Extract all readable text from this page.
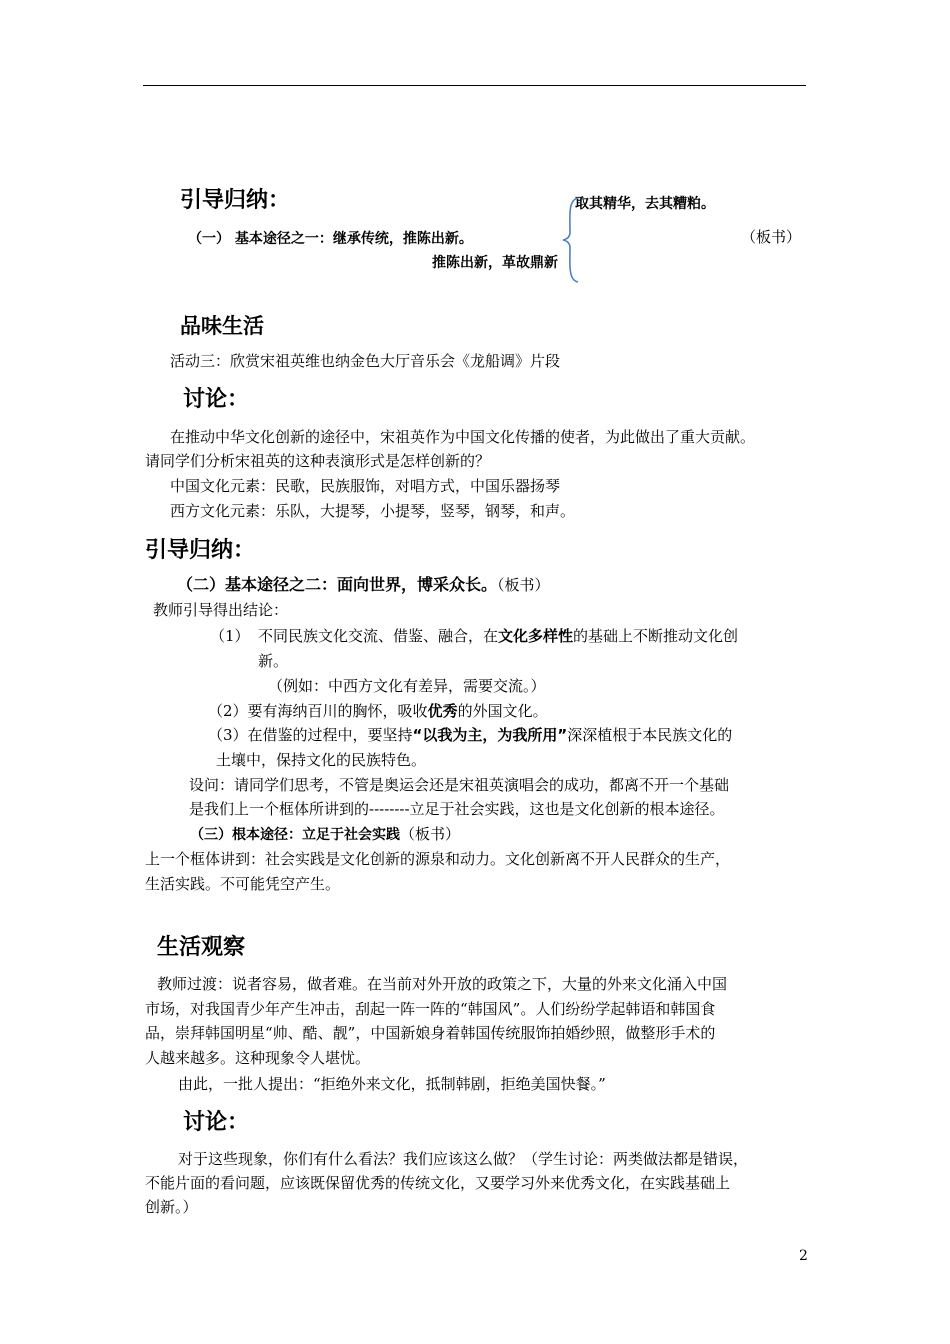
引导归纳：	取其精华，去其糟粕。
（一） 基本途径之一：继承传统，推陈出新。	（板书）
推陈出新，革故鼎新
品味生活
活动三：欣赏宋祖英维也纳金色大厅音乐会《龙船调》片段
讨论：
在推动中华文化创新的途径中，宋祖英作为中国文化传播的使者，为此做出了重大贡献。
请同学们分析宋祖英的这种表演形式是怎样创新的？
中国文化元素：民歌，民族服饰，对唱方式，中国乐器扬琴
西方文化元素：乐队，大提琴，小提琴，竖琴，钢琴，和声。
引导归纳：
（二）基本途径之二：面向世界，博采众长。（板书）
教师引导得出结论：
（1） 不同民族文化交流、借鉴、融合，在文化多样性的基础上不断推动文化创
新。
（例如：中西方文化有差异，需要交流。）
（2）要有海纳百川的胸怀，吸收优秀的外国文化。
（3）在借鉴的过程中，要坚持“以我为主，为我所用”深深植根于本民族文化的
土壤中，保持文化的民族特色。
设问：请同学们思考，不管是奥运会还是宋祖英演唱会的成功，都离不开一个基础
是我们上一个框体所讲到的--------立足于社会实践，这也是文化创新的根本途径。
（三）根本途径：立足于社会实践（板书）
上一个框体讲到：社会实践是文化创新的源泉和动力。文化创新离不开人民群众的生产，
生活实践。不可能凭空产生。
生活观察
教师过渡：说者容易，做者难。在当前对外开放的政策之下，大量的外来文化涌入中国
市场，对我国青少年产生冲击，刮起一阵一阵的“韩国风”。人们纷纷学起韩语和韩国食
品，崇拜韩国明星“帅、酷、靓”，中国新娘身着韩国传统服饰拍婚纱照，做整形手术的
人越来越多。这种现象令人堪忧。
由此，一批人提出：“拒绝外来文化，抵制韩剧，拒绝美国快餐。”
讨论：
对于这些现象，你们有什么看法？我们应该这么做？（学生讨论：两类做法都是错误，
不能片面的看问题，应该既保留优秀的传统文化，又要学习外来优秀文化，在实践基础上
创新。）
2
